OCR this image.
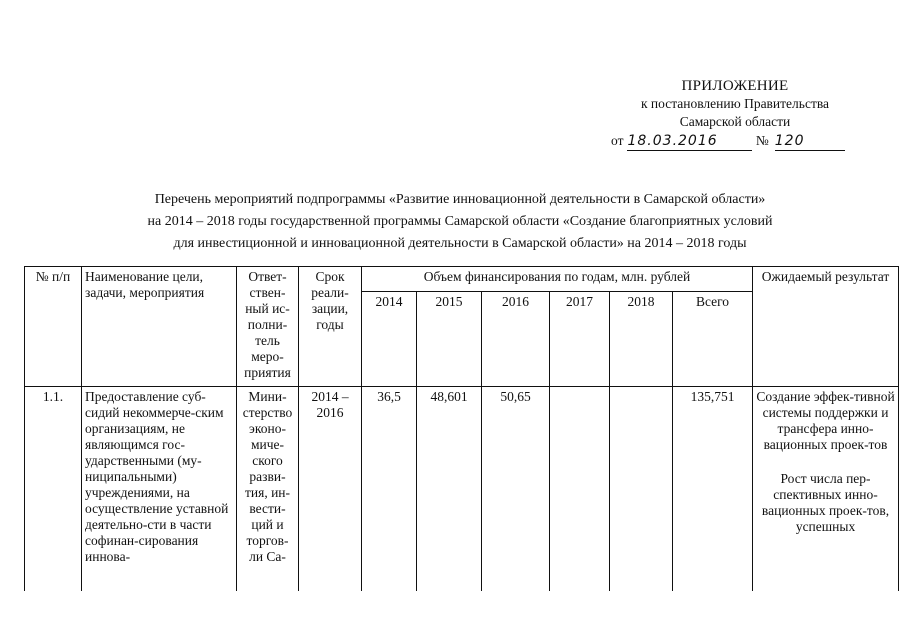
ПРИЛОЖЕНИЕ
к постановлению Правительства
Самарской области
от 18.03.2016	№ 120
Перечень мероприятий подпрограммы «Развитие инновационной деятельности в Самарской области»
на 2014 – 2018 годы государственной программы Самарской области «Создание благоприятных условий
для инвестиционной и инновационной деятельности в Самарской области» на 2014 – 2018 годы
№ п/п	Наименование цели, задачи, мероприятия	Ответ-ствен-ный ис-полни-тель меро-приятия	Срок реали-зации, годы	Объем финансирования по годам, млн. рублей						Ожидаемый результат
				2014	2015	2016	2017	2018	Всего	
1.1.	Предоставление суб-сидий некоммерче-ским организациям, не являющимся гос-ударственными (му-ниципальными) учреждениями, на осуществление уставной деятельно-сти в части софинан-сирования иннова-	Мини-стерство эконо-миче-ского разви-тия, ин-вести-ций и торгов-ли Са-	2014 – 2016	36,5	48,601	50,65			135,751	Создание эффек-тивной системы поддержки и трансфера инно-вационных проек-тов
Рост числа пер-спективных инно-вационных проек-тов, успешных
